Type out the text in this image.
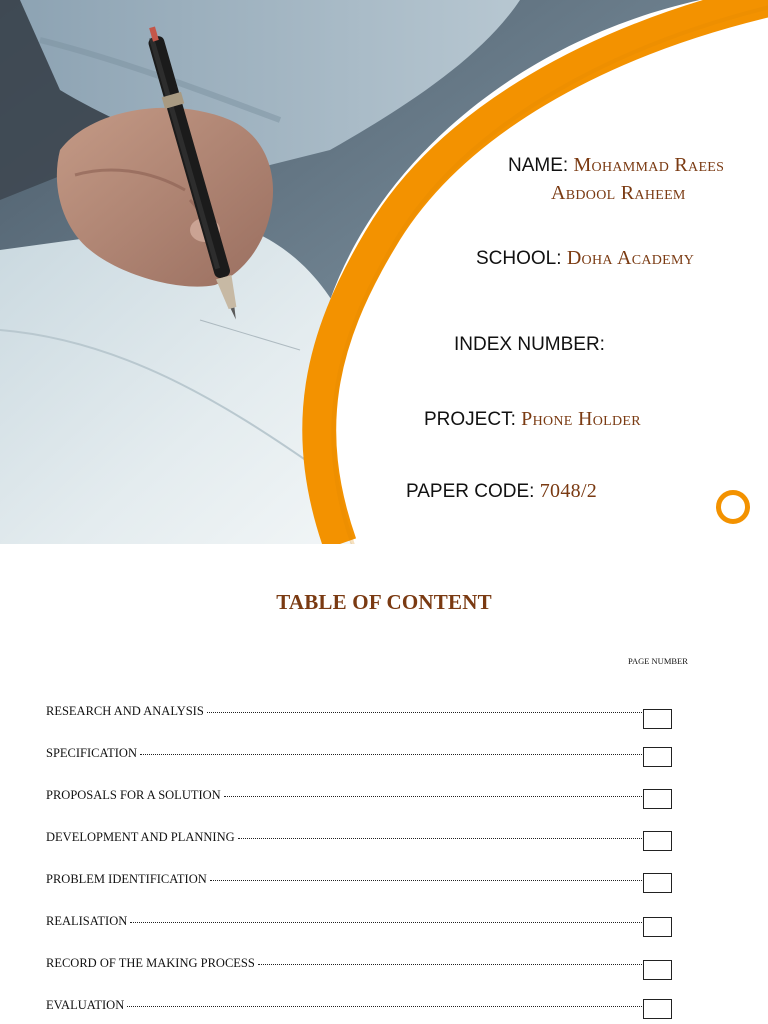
NAME: Mohammad Raees
Abdool Raheem
SCHOOL: Doha Academy
INDEX NUMBER:
PROJECT: Phone Holder
PAPER CODE: 7048/2
TABLE OF CONTENT
PAGE NUMBER
RESEARCH AND ANALYSIS
SPECIFICATION
PROPOSALS FOR A SOLUTION
DEVELOPMENT AND PLANNING
PROBLEM IDENTIFICATION
REALISATION
RECORD OF THE MAKING PROCESS
EVALUATION
